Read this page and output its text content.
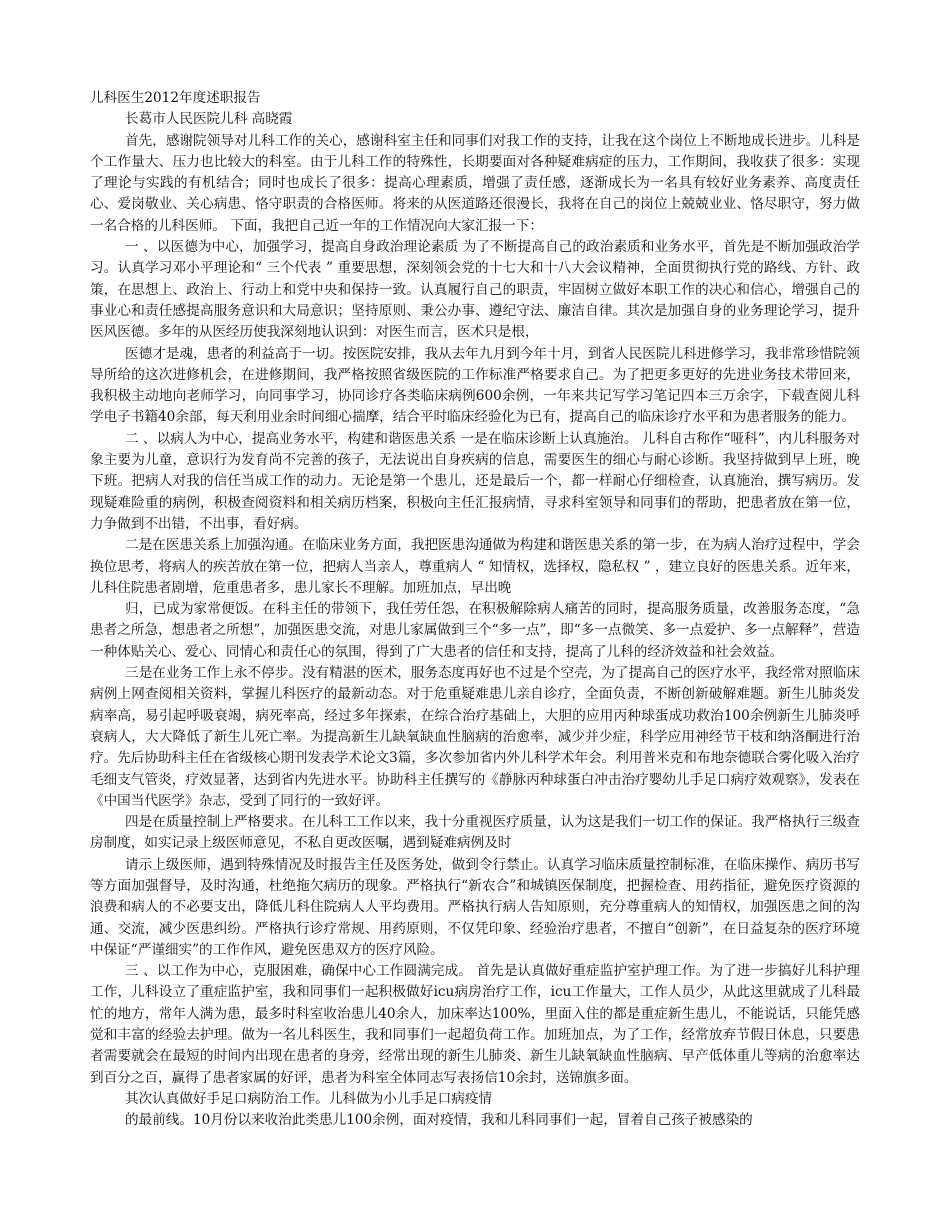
儿科医生2012年度述职报告

长葛市人民医院儿科 高晓霞

首先，感谢院领导对儿科工作的关心，感谢科室主任和同事们对我工作的支持，让我在这个岗位上不断地成长进步。儿科是个工作量大、压力也比较大的科室。由于儿科工作的特殊性，长期要面对各种疑难病症的压力，工作期间，我收获了很多：实现了理论与实践的有机结合；同时也成长了很多：提高心理素质，增强了责任感，逐渐成长为一名具有较好业务素养、高度责任心、爱岗敬业、关心病患、恪守职责的合格医师。将来的从医道路还很漫长，我将在自己的岗位上兢兢业业、恪尽职守，努力做一名合格的儿科医师。 下面，我把自己近一年的工作情况向大家汇报一下：

一 、以医德为中心，加强学习，提高自身政治理论素质 为了不断提高自己的政治素质和业务水平，首先是不断加强政治学习。认真学习邓小平理论和“ 三个代表 ” 重要思想，深刻领会党的十七大和十八大会议精神，全面贯彻执行党的路线、方针、政策，在思想上、政治上、行动上和党中央和保持一致。认真履行自己的职责，牢固树立做好本职工作的决心和信心，增强自己的事业心和责任感提高服务意识和大局意识；坚持原则、秉公办事、遵纪守法、廉洁自律。其次是加强自身的业务理论学习，提升医风医德。多年的从医经历使我深刻地认识到：对医生而言，医术只是根，

医德才是魂，患者的利益高于一切。按医院安排，我从去年九月到今年十月，到省人民医院儿科进修学习，我非常珍惜院领导所给的这次进修机会，在进修期间，我严格按照省级医院的工作标准严格要求自己。为了把更多更好的先进业务技术带回来，我积极主动地向老师学习，向同事学习，协同诊疗各类临床病例600余例，一年来共记写学习笔记四本三万余字，下载查阅儿科学电子书籍40余部，每天利用业余时间细心揣摩，结合平时临床经验化为已有，提高自己的临床诊疗水平和为患者服务的能力。

二 、以病人为中心，提高业务水平，构建和谐医患关系 一是在临床诊断上认真施治。 儿科自古称作“哑科”，内儿科服务对象主要为儿童，意识行为发育尚不完善的孩子，无法说出自身疾病的信息，需要医生的细心与耐心诊断。我坚持做到早上班，晚下班。把病人对我的信任当成工作的动力。无论是第一个患儿，还是最后一个，都一样耐心仔细检查，认真施治，撰写病历。发现疑难险重的病例，积极查阅资料和相关病历档案，积极向主任汇报病情，寻求科室领导和同事们的帮助，把患者放在第一位，力争做到不出错，不出事，看好病。

二是在医患关系上加强沟通。在临床业务方面，我把医患沟通做为构建和谐医患关系的第一步，在为病人治疗过程中，学会换位思考，将病人的疾苦放在第一位，把病人当亲人，尊重病人 “ 知情权，选择权，隐私权 ” ，建立良好的医患关系。近年来，儿科住院患者剧增，危重患者多，患儿家长不理解。加班加点，早出晚

归，已成为家常便饭。在科主任的带领下，我任劳任怨，在积极解除病人痛苦的同时，提高服务质量，改善服务态度，“急患者之所急，想患者之所想”，加强医患交流，对患儿家属做到三个“多一点”，即“多一点微笑、多一点爱护、多一点解释”，营造一种体贴关心、爱心、同情心和责任心的氛围，得到了广大患者的信任和支持，提高了儿科的经济效益和社会效益。

三是在业务工作上永不停步。没有精湛的医术，服务态度再好也不过是个空壳，为了提高自己的医疗水平，我经常对照临床病例上网查阅相关资料，掌握儿科医疗的最新动态。对于危重疑难患儿亲自诊疗，全面负责，不断创新破解难题。新生儿肺炎发病率高，易引起呼吸衰竭，病死率高，经过多年探索，在综合治疗基础上，大胆的应用丙种球蛋成功救治100余例新生儿肺炎呼衰病人，大大降低了新生儿死亡率。为提高新生儿缺氧缺血性脑病的治愈率，减少并少症，科学应用神经节干枝和纳洛酮进行治疗。先后协助科主任在省级核心期刊发表学术论文3篇，多次参加省内外儿科学术年会。利用普米克和布地奈德联合雾化吸入治疗毛细支气管炎，疗效显著，达到省内先进水平。协助科主任撰写的《静脉丙种球蛋白冲击治疗婴幼儿手足口病疗效观察》，发表在《中国当代医学》杂志，受到了同行的一致好评。

四是在质量控制上严格要求。在儿科工工作以来，我十分重视医疗质量，认为这是我们一切工作的保证。我严格执行三级查房制度，如实记录上级医师意见，不私自更改医嘱，遇到疑难病例及时

请示上级医师，遇到特殊情况及时报告主任及医务处，做到令行禁止。认真学习临床质量控制标准，在临床操作、病历书写等方面加强督导，及时沟通，杜绝拖欠病历的现象。严格执行“新农合”和城镇医保制度，把握检查、用药指征，避免医疗资源的浪费和病人的不必要支出，降低儿科住院病人人平均费用。严格执行病人告知原则，充分尊重病人的知情权，加强医患之间的沟通、交流，减少医患纠纷。严格执行诊疗常规、用药原则，不仅凭印象、经验治疗患者，不擅自“创新”，在日益复杂的医疗环境中保证“严谨细实”的工作作风，避免医患双方的医疗风险。

三 、以工作为中心，克服困难，确保中心工作圆满完成。 首先是认真做好重症监护室护理工作。为了进一步搞好儿科护理工作，儿科设立了重症监护室，我和同事们一起积极做好icu病房治疗工作，icu工作量大，工作人员少，从此这里就成了儿科最忙的地方，常年人满为患，最多时科室收治患儿40余人，加床率达100%，里面入住的都是重症新生患儿，不能说话，只能凭感觉和丰富的经验去护理。做为一名儿科医生，我和同事们一起超负荷工作。加班加点，为了工作，经常放弃节假日休息，只要患者需要就会在最短的时间内出现在患者的身旁，经常出现的新生儿肺炎、新生儿缺氧缺血性脑病、早产低体重儿等病的治愈率达到百分之百，赢得了患者家属的好评，患者为科室全体同志写表扬信10余封，送锦旗多面。

其次认真做好手足口病防治工作。儿科做为小儿手足口病疫情

的最前线。10月份以来收治此类患儿100余例，面对疫情，我和儿科同事们一起，冒着自己孩子被感染的
